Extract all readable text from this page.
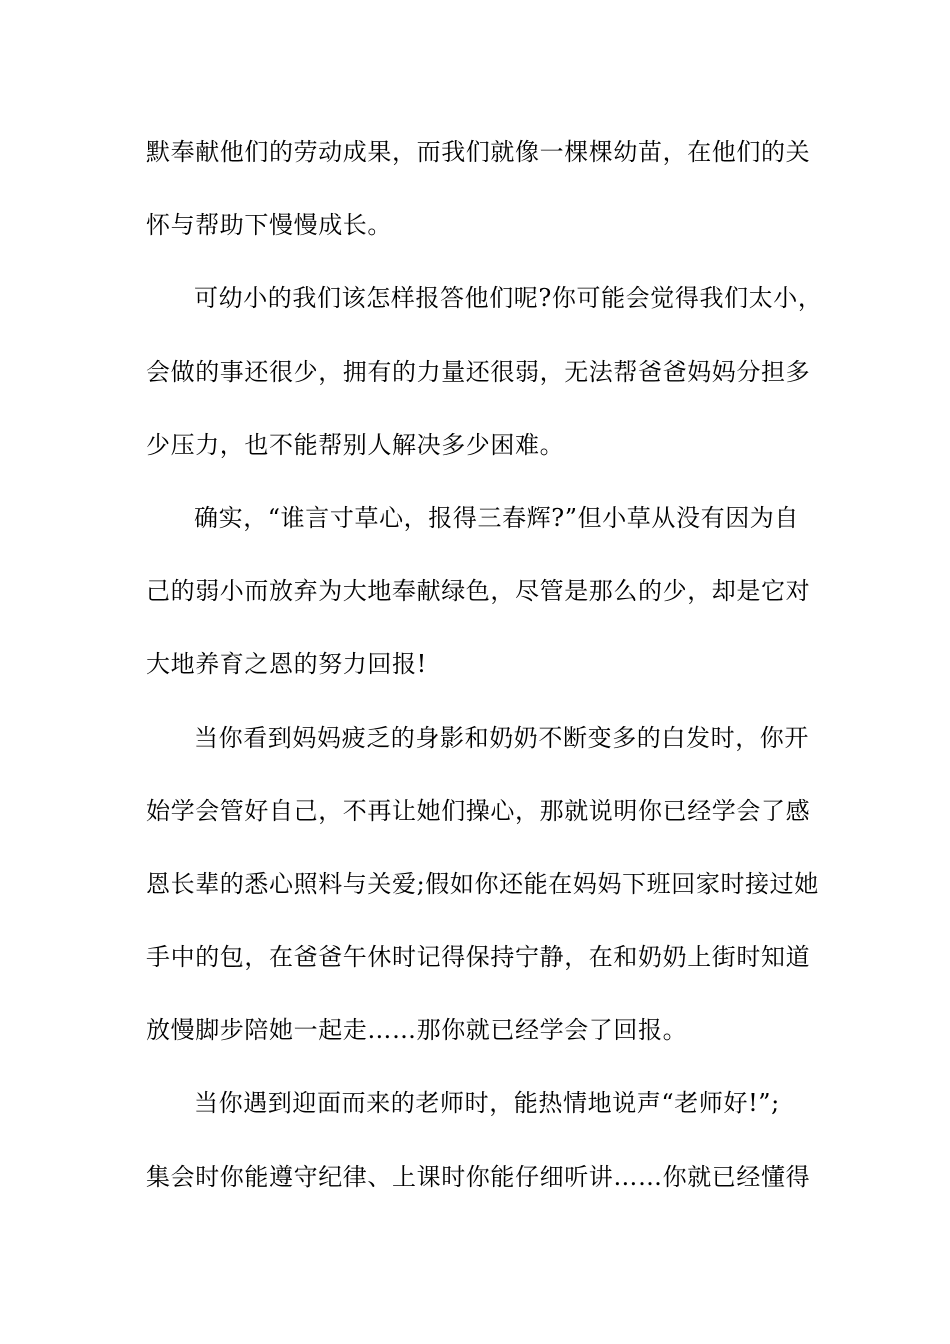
默奉献他们的劳动成果，而我们就像一棵棵幼苗，在他们的关
怀与帮助下慢慢成长。
可幼小的我们该怎样报答他们呢?你可能会觉得我们太小，
会做的事还很少，拥有的力量还很弱，无法帮爸爸妈妈分担多
少压力，也不能帮别人解决多少困难。
确实，“谁言寸草心，报得三春辉?”但小草从没有因为自
己的弱小而放弃为大地奉献绿色，尽管是那么的少，却是它对
大地养育之恩的努力回报!
当你看到妈妈疲乏的身影和奶奶不断变多的白发时，你开
始学会管好自己，不再让她们操心，那就说明你已经学会了感
恩长辈的悉心照料与关爱;假如你还能在妈妈下班回家时接过她
手中的包，在爸爸午休时记得保持宁静，在和奶奶上街时知道
放慢脚步陪她一起走……那你就已经学会了回报。
当你遇到迎面而来的老师时，能热情地说声“老师好!”;
集会时你能遵守纪律、上课时你能仔细听讲……你就已经懂得
